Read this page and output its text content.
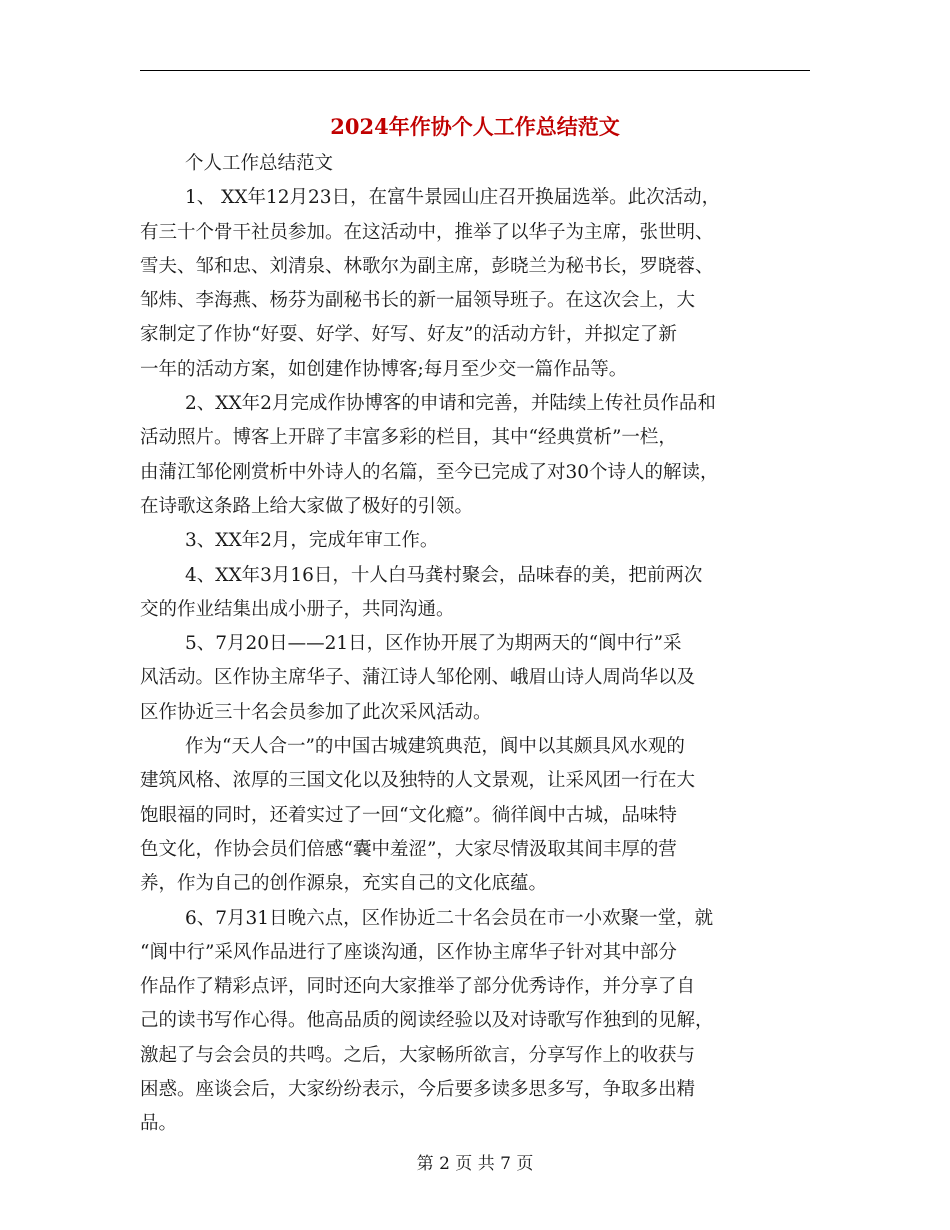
2024年作协个人工作总结范文

个人工作总结范文

1、 XX年12月23日，在富牛景园山庄召开换届选举。此次活动，
有三十个骨干社员参加。在这活动中，推举了以华子为主席，张世明、
雪夫、邹和忠、刘清泉、林歌尔为副主席，彭晓兰为秘书长，罗晓蓉、
邹炜、李海燕、杨芬为副秘书长的新一届领导班子。在这次会上，大
家制定了作协“好耍、好学、好写、好友”的活动方针，并拟定了新
一年的活动方案，如创建作协博客;每月至少交一篇作品等。

2、XX年2月完成作协博客的申请和完善，并陆续上传社员作品和
活动照片。博客上开辟了丰富多彩的栏目，其中“经典赏析”一栏，
由蒲江邹伦刚赏析中外诗人的名篇，至今已完成了对30个诗人的解读，
在诗歌这条路上给大家做了极好的引领。

3、XX年2月，完成年审工作。

4、XX年3月16日，十人白马龚村聚会，品味春的美，把前两次
交的作业结集出成小册子，共同沟通。

5、7月20日——21日，区作协开展了为期两天的“阆中行”采
风活动。区作协主席华子、蒲江诗人邹伦刚、峨眉山诗人周尚华以及
区作协近三十名会员参加了此次采风活动。

作为“天人合一”的中国古城建筑典范，阆中以其颇具风水观的
建筑风格、浓厚的三国文化以及独特的人文景观，让采风团一行在大
饱眼福的同时，还着实过了一回“文化瘾”。徜徉阆中古城，品味特
色文化，作协会员们倍感“囊中羞涩”，大家尽情汲取其间丰厚的营
养，作为自己的创作源泉，充实自己的文化底蕴。

6、7月31日晚六点，区作协近二十名会员在市一小欢聚一堂，就
“阆中行”采风作品进行了座谈沟通，区作协主席华子针对其中部分
作品作了精彩点评，同时还向大家推举了部分优秀诗作，并分享了自
己的读书写作心得。他高品质的阅读经验以及对诗歌写作独到的见解，
激起了与会会员的共鸣。之后，大家畅所欲言，分享写作上的收获与
困惑。座谈会后，大家纷纷表示，今后要多读多思多写，争取多出精
品。

第 2 页 共 7 页
